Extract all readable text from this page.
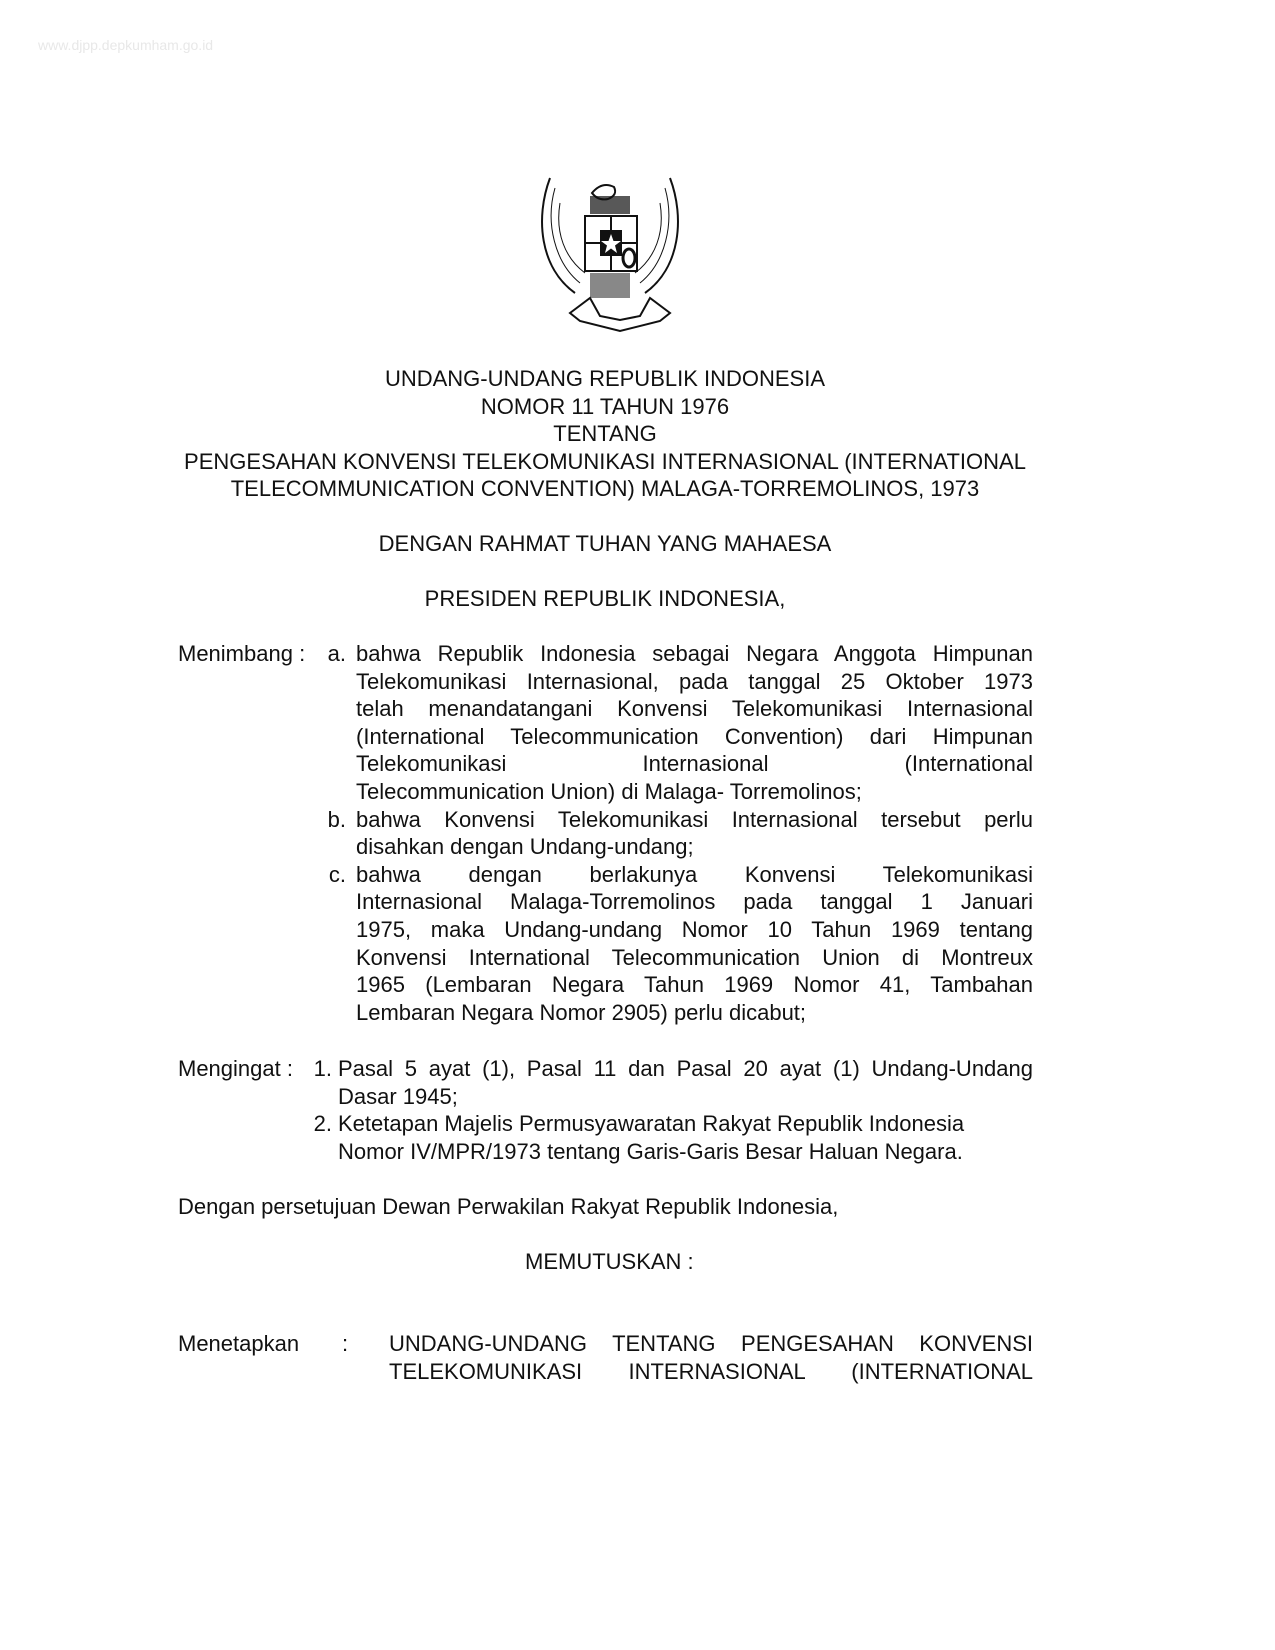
www.djpp.depkumham.go.id
UNDANG-UNDANG REPUBLIK INDONESIA
NOMOR 11 TAHUN 1976
TENTANG
PENGESAHAN KONVENSI TELEKOMUNIKASI INTERNASIONAL (INTERNATIONAL
TELECOMMUNICATION CONVENTION) MALAGA-TORREMOLINOS, 1973
DENGAN RAHMAT TUHAN YANG MAHAESA
PRESIDEN REPUBLIK INDONESIA,
Menimbang :	a. bahwa Republik Indonesia sebagai Negara Anggota Himpunan
Telekomunikasi Internasional, pada tanggal 25 Oktober 1973
telah menandatangani Konvensi Telekomunikasi Internasional
(International Telecommunication Convention) dari Himpunan
Telekomunikasi Internasional (International
Telecommunication Union) di Malaga- Torremolinos;
b. bahwa Konvensi Telekomunikasi Internasional tersebut perlu
disahkan dengan Undang-undang;
c. bahwa dengan berlakunya Konvensi Telekomunikasi
Internasional Malaga-Torremolinos pada tanggal 1 Januari
1975, maka Undang-undang Nomor 10 Tahun 1969 tentang
Konvensi International Telecommunication Union di Montreux
1965 (Lembaran Negara Tahun 1969 Nomor 41, Tambahan
Lembaran Negara Nomor 2905) perlu dicabut;
Mengingat : 1. Pasal 5 ayat (1), Pasal 11 dan Pasal 20 ayat (1) Undang-Undang
Dasar 1945;
2. Ketetapan Majelis Permusyawaratan Rakyat Republik Indonesia
Nomor IV/MPR/1973 tentang Garis-Garis Besar Haluan Negara.
Dengan persetujuan Dewan Perwakilan Rakyat Republik Indonesia,
MEMUTUSKAN :
Menetapkan : UNDANG-UNDANG TENTANG PENGESAHAN KONVENSI
TELEKOMUNIKASI INTERNASIONAL (INTERNATIONAL
